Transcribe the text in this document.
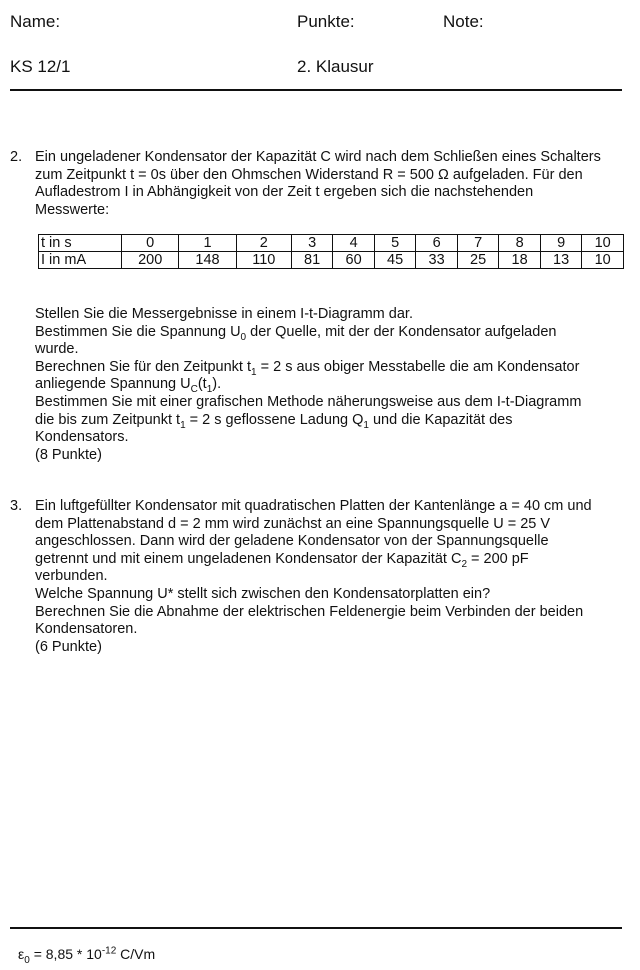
Name:	Punkte:	Note:
KS 12/1	2. Klausur
2. Ein ungeladener Kondensator der Kapazität C wird nach dem Schließen eines Schalters

zum Zeitpunkt t = 0s über den Ohmschen Widerstand R = 500 Ω aufgeladen. Für den

Aufladestrom I in Abhängigkeit von der Zeit t ergeben sich die nachstehenden

Messwerte:

t in s	0	1	2	3	4	5	6	7	8	9	10
I in mA	200	148	110	81	60	45	33	25	18	13	10

Stellen Sie die Messergebnisse in einem I-t-Diagramm dar.

Bestimmen Sie die Spannung $U_0$ der Quelle, mit der der Kondensator aufgeladen

wurde.

Berechnen Sie für den Zeitpunkt $t_1 = 2$ s aus obiger Messtabelle die am Kondensator

anliegende Spannung $U_C(t_1)$.

Bestimmen Sie mit einer grafischen Methode näherungsweise aus dem I-t-Diagramm

die bis zum Zeitpunkt $t_1 = 2$ s geflossene Ladung $Q_1$ und die Kapazität des

Kondensators.

(8 Punkte)

3. Ein luftgefüllter Kondensator mit quadratischen Platten der Kantenlänge a = 40 cm und

dem Plattenabstand d = 2 mm wird zunächst an eine Spannungsquelle U = 25 V

angeschlossen. Dann wird der geladene Kondensator von der Spannungsquelle

getrennt und mit einem ungeladenen Kondensator der Kapazität $C_2 = 200$ pF

verbunden.

Welche Spannung U* stellt sich zwischen den Kondensatorplatten ein?

Berechnen Sie die Abnahme der elektrischen Feldenergie beim Verbinden der beiden

Kondensatoren.

(6 Punkte)

$\varepsilon_0 = 8,85 * 10^{-12}$ C/Vm
